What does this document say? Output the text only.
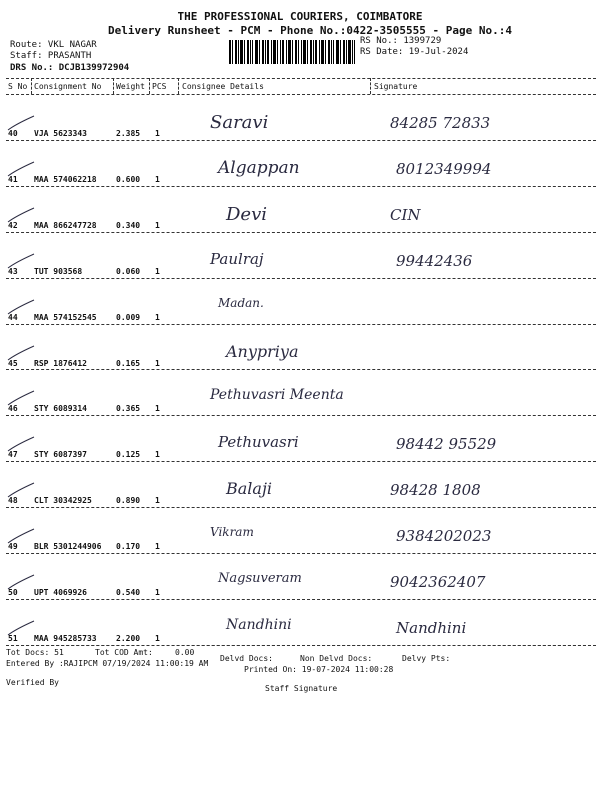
THE PROFESSIONAL COURIERS, COIMBATORE
Delivery Runsheet - PCM - Phone No.:0422-3505555 - Page No.:4
Route: VKL NAGAR
Staff: PRASANTH
DRS No.: DCJB139972904
RS No.: 1399729
RS Date: 19-Jul-2024
S No Consignment No Weight PCS Consignee Details	Signature
40 VJA 5623343	2.385 1
Saravi	84285 72833
41 MAA 574062218 0.600 1
Algappan	8012349994
42 MAA 866247728 0.340 1
Devi	CIN
43 TUT 903568	0.060 1
Paulraj	99442436
44 MAA 574152545 0.009 1
Madan.
45 RSP 1876412	0.165 1
Anypriya
46 STY 6089314	0.365 1
Pethuvasri Meenta
47 STY 6087397	0.125 1
Pethuvasri	98442 95529
48 CLT 30342925	0.890 1
Balaji	98428 1808
49 BLR 5301244906 0.170 1
Vikram	9384202023
50 UPT 4069926	0.540 1
Nagsuveram	9042362407
51 MAA 945285733 2.200 1
Nandhini	Nandhini
Tot Docs: 51	Tot COD Amt:	0.00
Delvd Docs:	Non Delvd Docs:	Delvy Pts:
Entered By :RAJIPCM 07/19/2024 11:00:19 AM
Printed On: 19-07-2024 11:00:28
Verified By
Staff Signature
